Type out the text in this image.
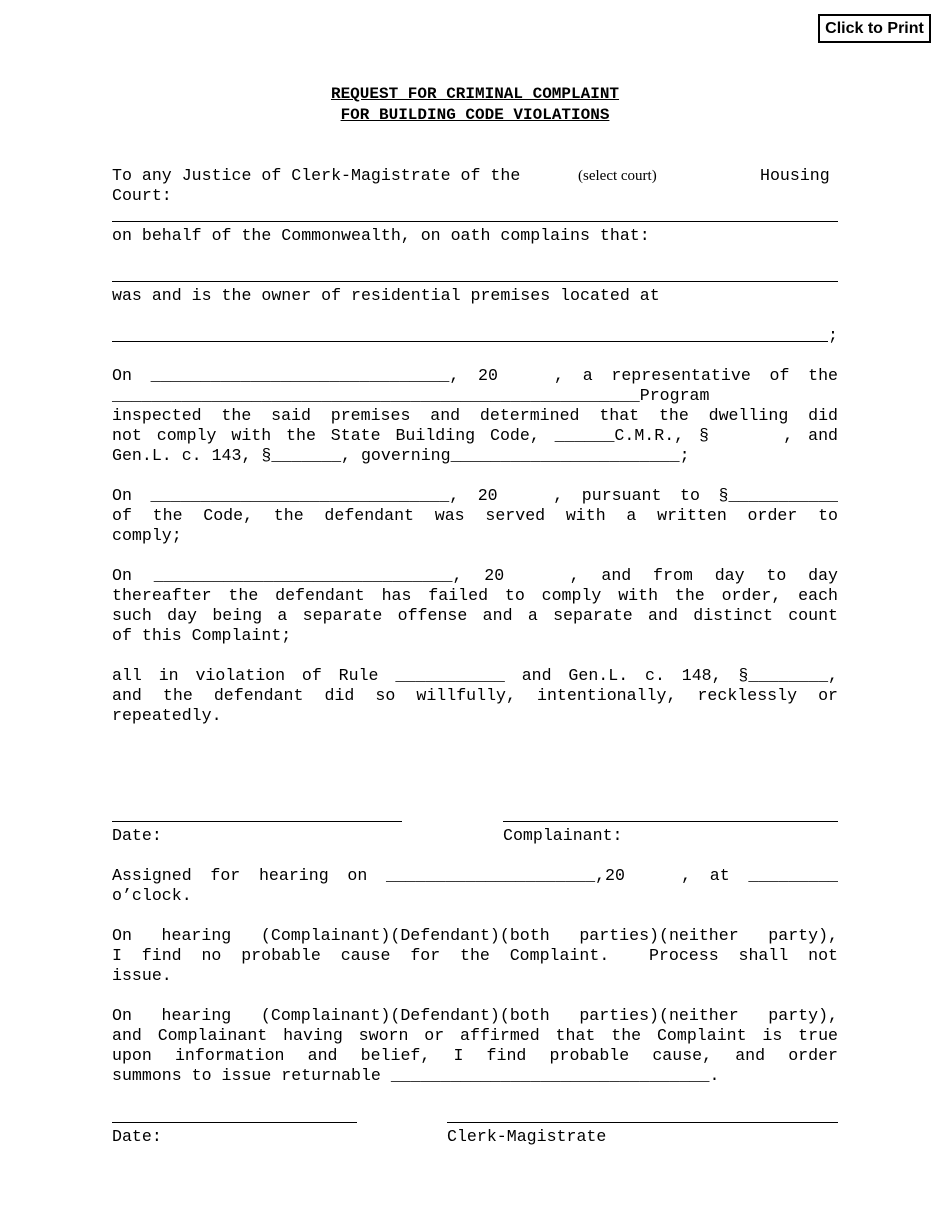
Click to Print
REQUEST FOR CRIMINAL COMPLAINT
FOR BUILDING CODE VIOLATIONS
To any Justice of Clerk-Magistrate of the	(select court)	Housing
Court:
on behalf of the Commonwealth, on oath complains that:
was and is the owner of residential premises located at
;
On ______________________________, 20   , a representative of the
_____________________________________________________Program
inspected the said premises and determined that the dwelling did
not comply with the State Building Code, ______C.M.R., §     , and
Gen.L. c. 143, §_______, governing_______________________;
On ______________________________, 20   , pursuant to §___________
of the Code, the defendant was served with a written order to
comply;
On ______________________________, 20   , and from day to day
thereafter the defendant has failed to comply with the order, each
such day being a separate offense and a separate and distinct count
of this Complaint;
all in violation of Rule ___________ and Gen.L. c. 148, §________,
and the defendant did so willfully, intentionally, recklessly or
repeatedly.
Date:	Complainant:
Assigned for hearing on _____________________,20   , at _________
o’clock.
On hearing (Complainant)(Defendant)(both parties)(neither party),
I find no probable cause for the Complaint.  Process shall not
issue.
On hearing (Complainant)(Defendant)(both parties)(neither party),
and Complainant having sworn or affirmed that the Complaint is true
upon information and belief, I find probable cause, and order
summons to issue returnable ________________________________.
Date:	Clerk-Magistrate
